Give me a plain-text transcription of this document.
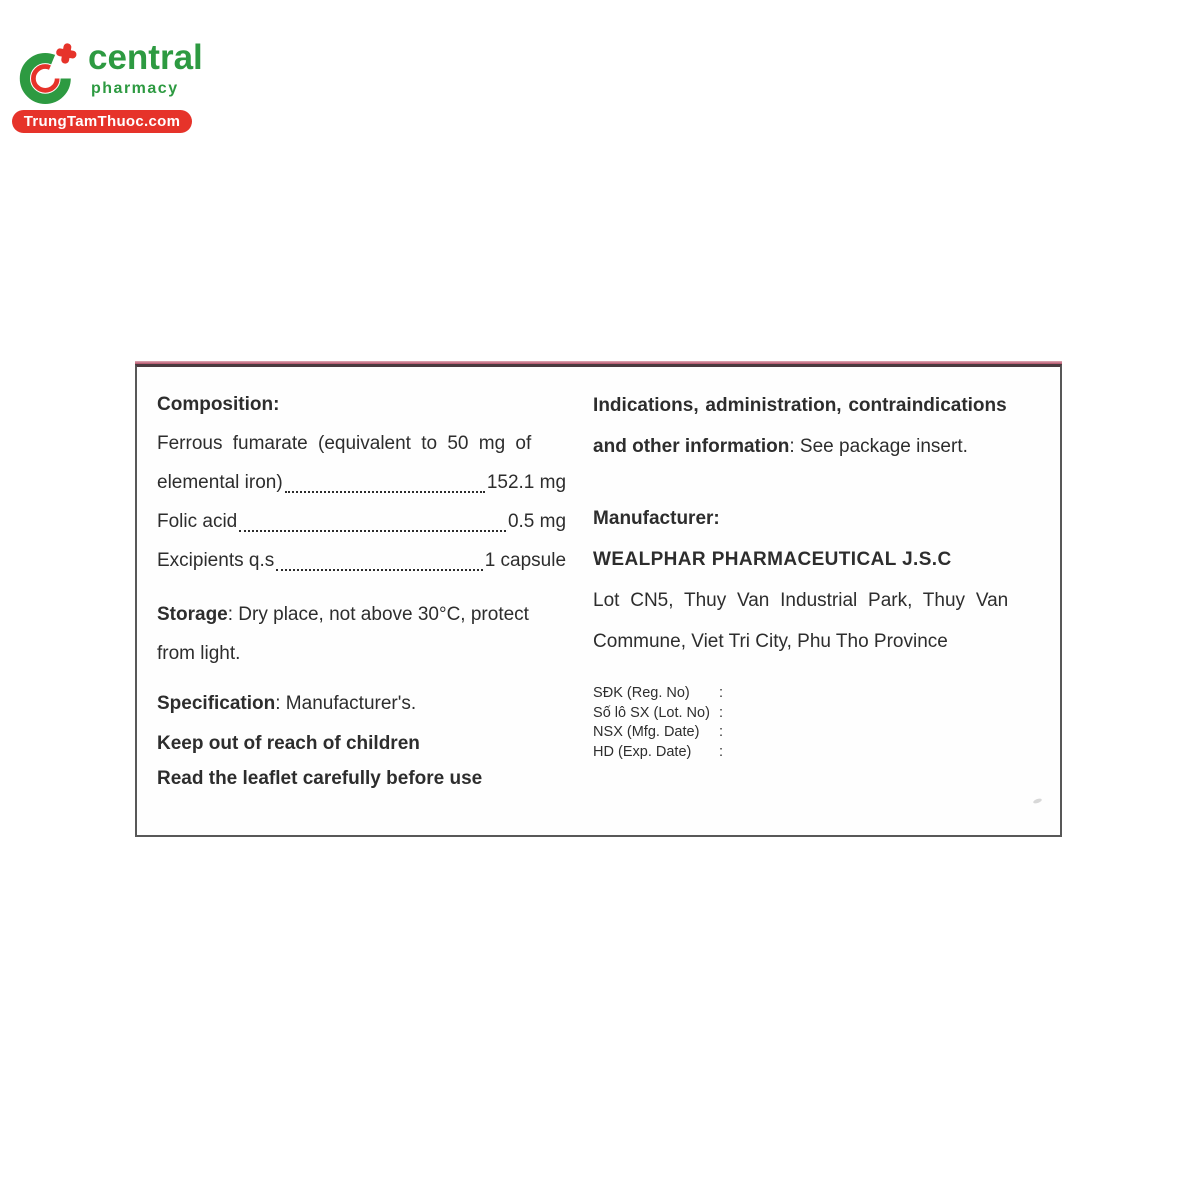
central
pharmacy
TrungTamThuoc.com
Composition:
Ferrous fumarate (equivalent to 50 mg of
elemental iron)	152.1 mg
Folic acid	0.5 mg
Excipients q.s	1 capsule
Storage: Dry place, not above 30°C, protect
from light.
Specification: Manufacturer's.
Keep out of reach of children
Read the leaflet carefully before use
Indications, administration, contraindications
and other information: See package insert.
Manufacturer:
WEALPHAR PHARMACEUTICAL J.S.C
Lot CN5, Thuy Van Industrial Park, Thuy Van
Commune, Viet Tri City, Phu Tho Province
SĐK (Reg. No)	:
Số lô SX (Lot. No) :
NSX (Mfg. Date)	:
HD (Exp. Date)	:
